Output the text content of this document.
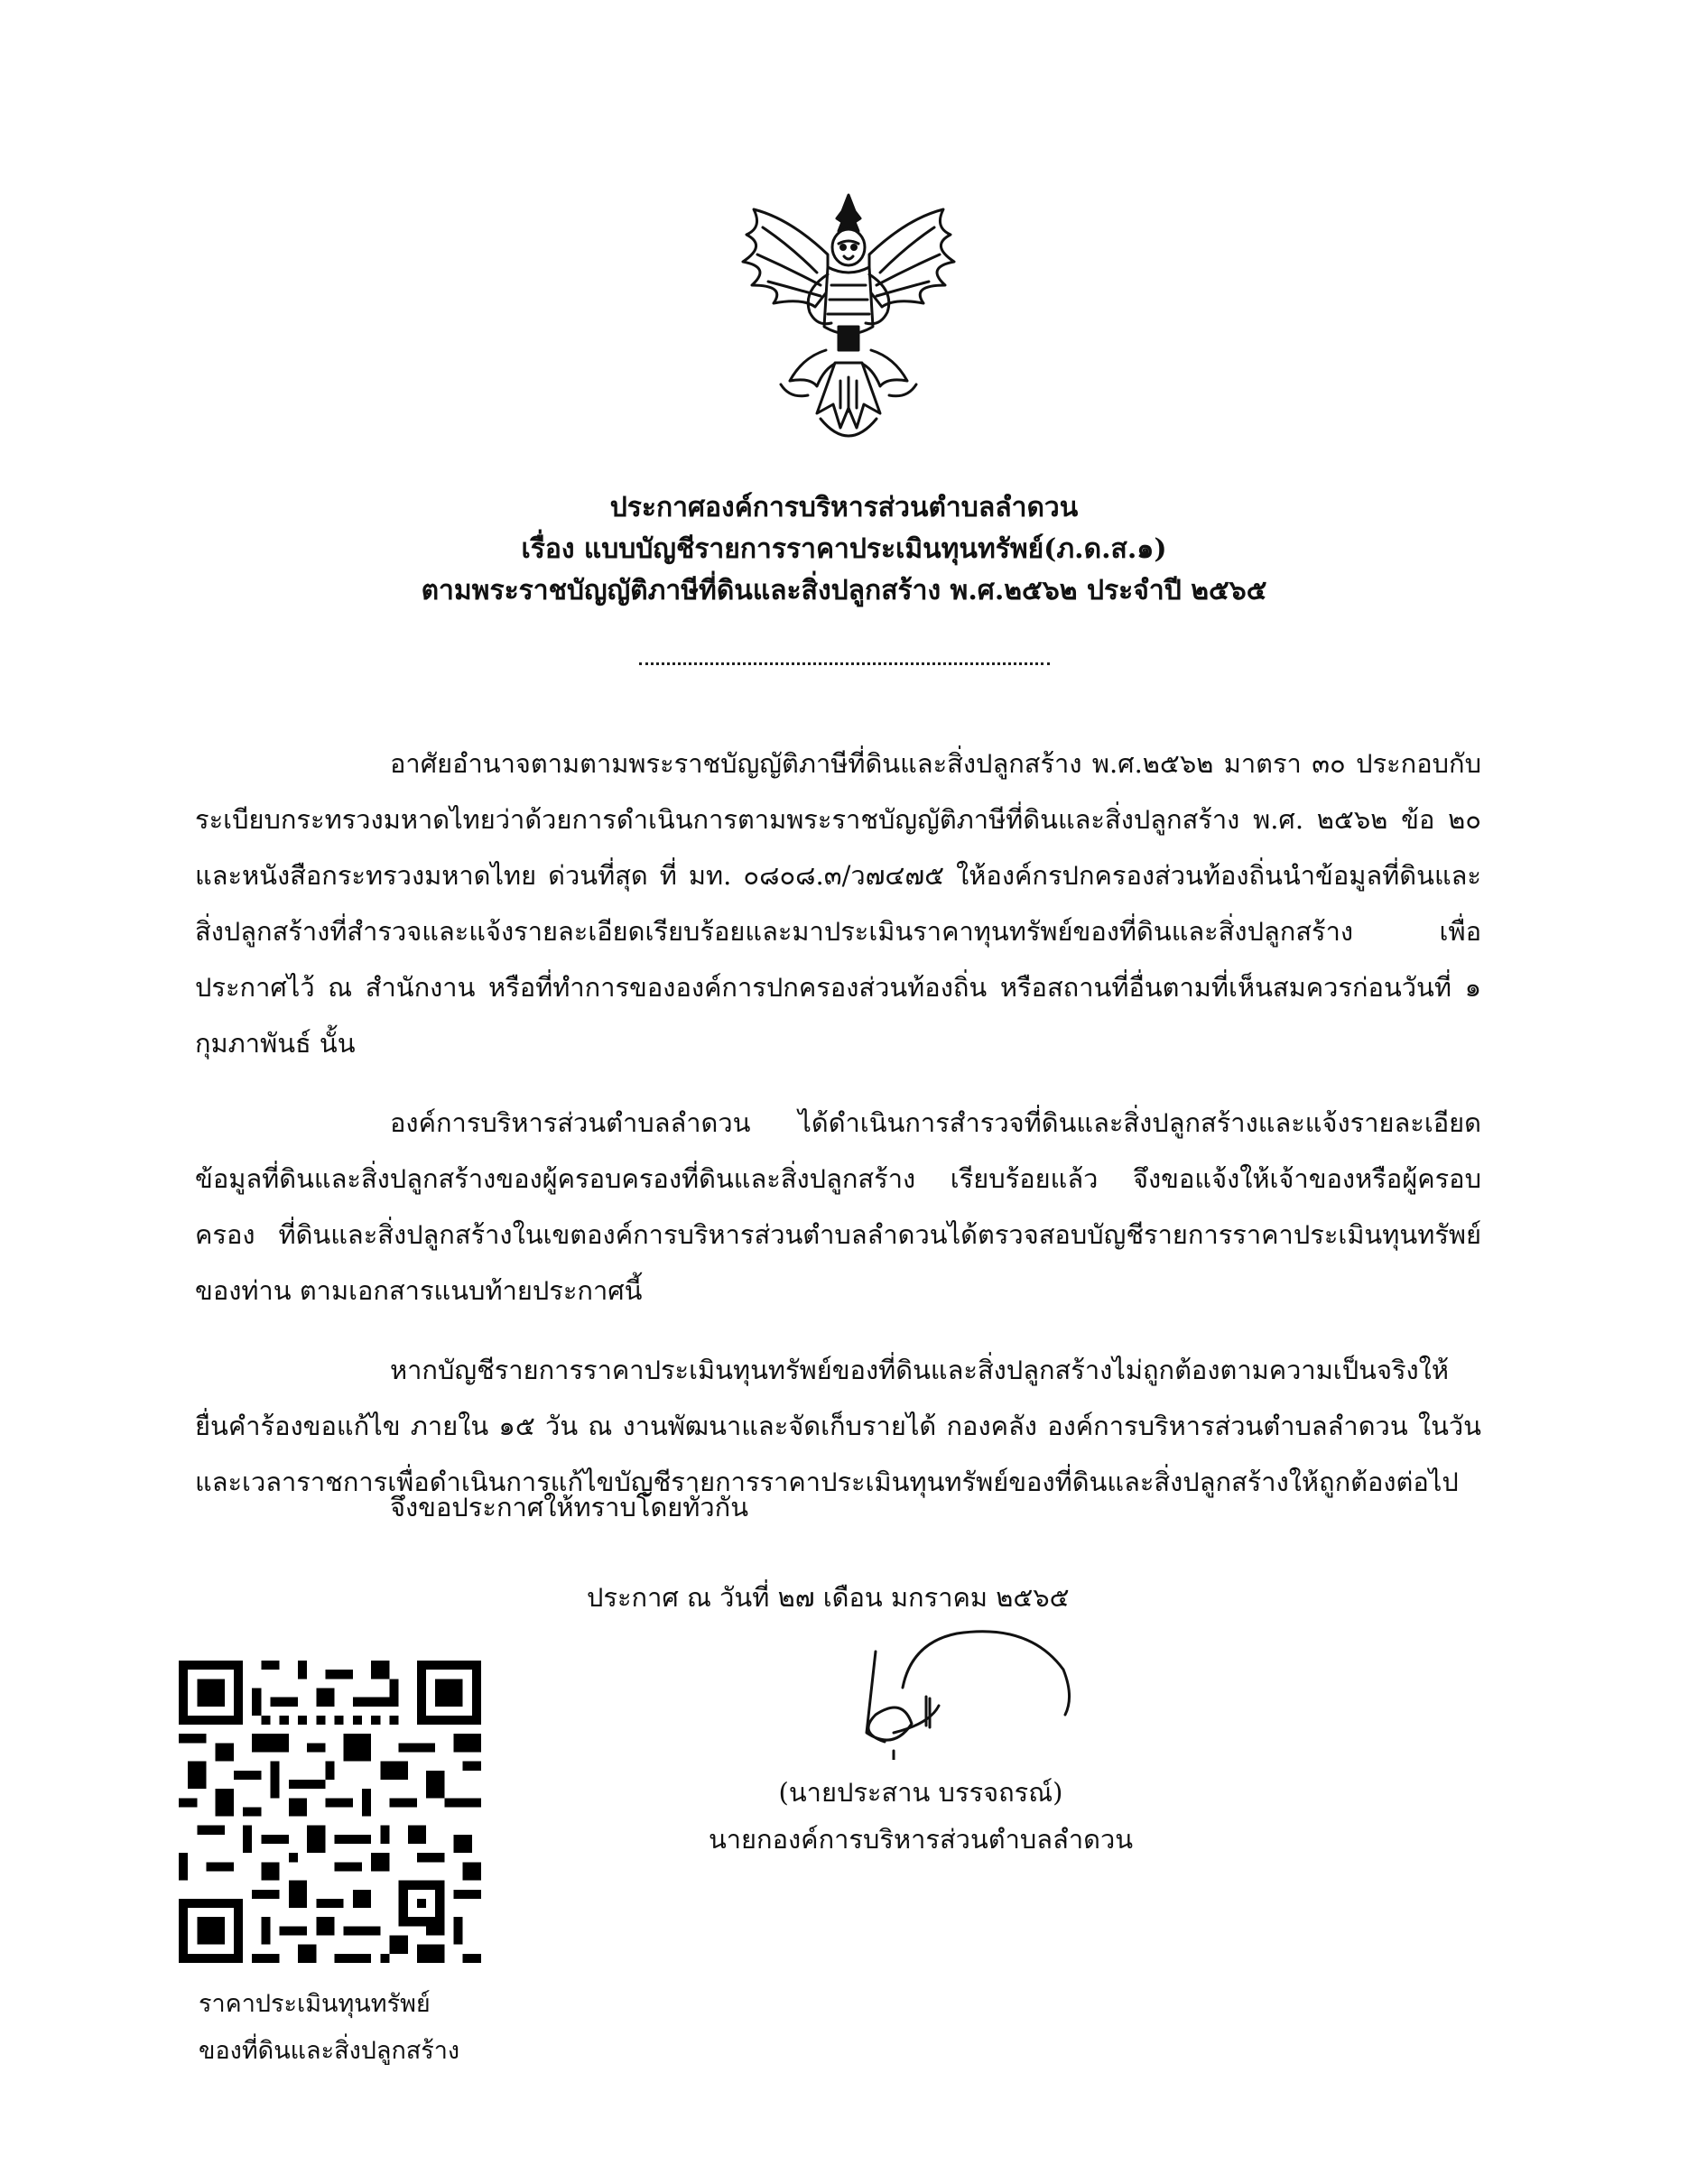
ประกาศองค์การบริหารส่วนตำบลลำดวน
เรื่อง แบบบัญชีรายการราคาประเมินทุนทรัพย์(ภ.ด.ส.๑)
ตามพระราชบัญญัติภาษีที่ดินและสิ่งปลูกสร้าง พ.ศ.๒๕๖๒ ประจำปี ๒๕๖๕

อาศัยอำนาจตามตามพระราชบัญญัติภาษีที่ดินและสิ่งปลูกสร้าง พ.ศ.๒๕๖๒ มาตรา ๓๐ ประกอบกับระเบียบกระทรวงมหาดไทยว่าด้วยการดำเนินการตามพระราชบัญญัติภาษีที่ดินและสิ่งปลูกสร้าง พ.ศ. ๒๕๖๒ ข้อ ๒๐ และหนังสือกระทรวงมหาดไทย ด่วนที่สุด ที่ มท. ๐๘๐๘.๓/ว๗๔๗๕ ให้องค์กรปกครองส่วนท้องถิ่นนำข้อมูลที่ดินและสิ่งปลูกสร้างที่สำรวจและแจ้งรายละเอียดเรียบร้อยและมาประเมินราคาทุนทรัพย์ของที่ดินและสิ่งปลูกสร้าง เพื่อประกาศไว้ ณ สำนักงาน หรือที่ทำการขององค์การปกครองส่วนท้องถิ่น หรือสถานที่อื่นตามที่เห็นสมควรก่อนวันที่ ๑ กุมภาพันธ์ นั้น

องค์การบริหารส่วนตำบลลำดวน ได้ดำเนินการสำรวจที่ดินและสิ่งปลูกสร้างและแจ้งรายละเอียดข้อมูลที่ดินและสิ่งปลูกสร้างของผู้ครอบครองที่ดินและสิ่งปลูกสร้าง เรียบร้อยแล้ว จึงขอแจ้งให้เจ้าของหรือผู้ครอบครอง ที่ดินและสิ่งปลูกสร้างในเขตองค์การบริหารส่วนตำบลลำดวนได้ตรวจสอบบัญชีรายการราคาประเมินทุนทรัพย์ของท่าน ตามเอกสารแนบท้ายประกาศนี้

หากบัญชีรายการราคาประเมินทุนทรัพย์ของที่ดินและสิ่งปลูกสร้างไม่ถูกต้องตามความเป็นจริงให้ยื่นคำร้องขอแก้ไข ภายใน ๑๕ วัน ณ งานพัฒนาและจัดเก็บรายได้ กองคลัง องค์การบริหารส่วนตำบลลำดวน ในวันและเวลาราชการเพื่อดำเนินการแก้ไขบัญชีรายการราคาประเมินทุนทรัพย์ของที่ดินและสิ่งปลูกสร้างให้ถูกต้องต่อไป

จึงขอประกาศให้ทราบโดยทั่วกัน
ประกาศ ณ วันที่ ๒๗ เดือน มกราคม ๒๕๖๕
ราคาประเมินทุนทรัพย์
ของที่ดินและสิ่งปลูกสร้าง
(นายประสาน บรรจถรณ์)
นายกองค์การบริหารส่วนตำบลลำดวน
